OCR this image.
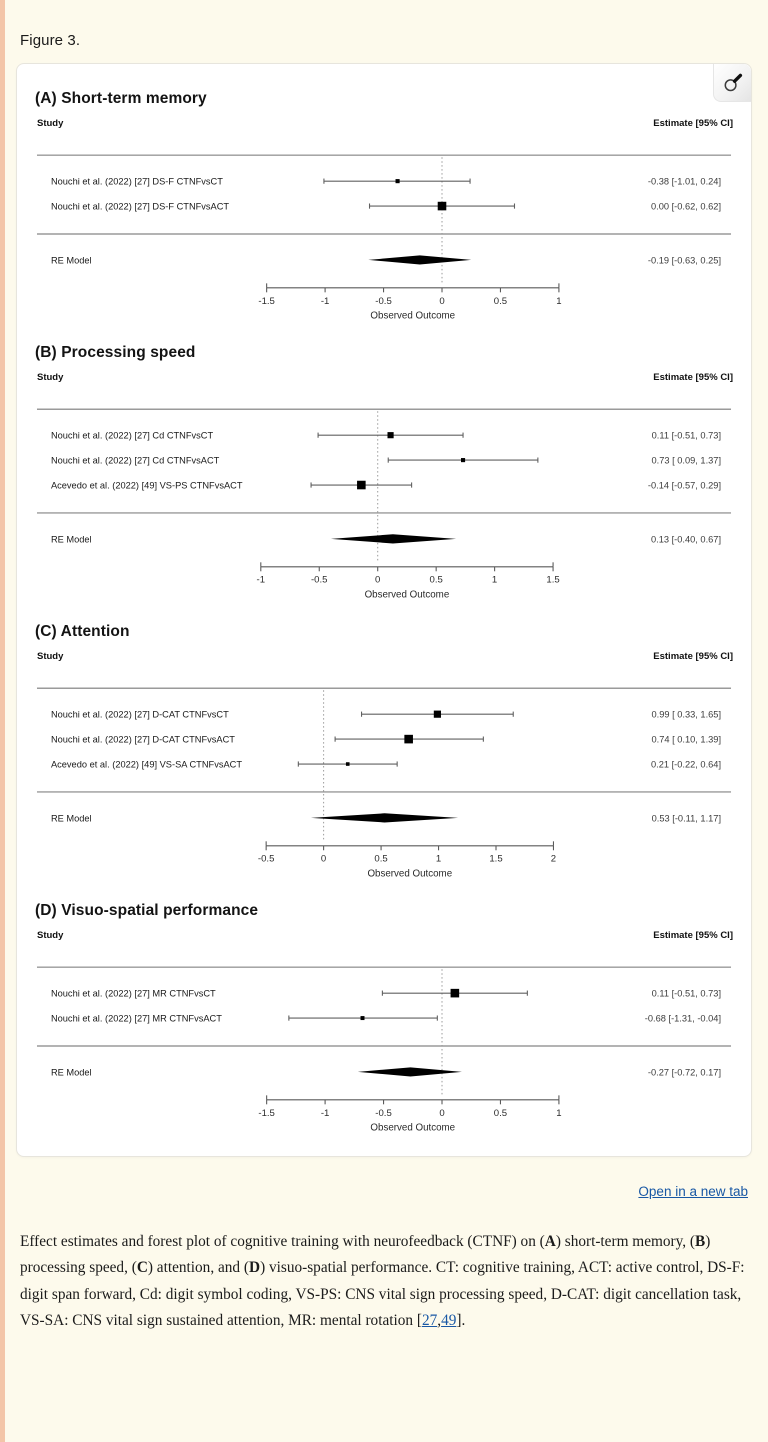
Figure 3.
(A) Short-term memory
Study	Estimate [95% CI]
Nouchi et al. (2022) [27] DS-F CTNFvsCT	-0.38 [-1.01, 0.24]
Nouchi et al. (2022) [27] DS-F CTNFvsACT	0.00 [-0.62, 0.62]
RE Model	-0.19 [-0.63, 0.25]
-1.5	-1	-0.5	0	0.5	1
Observed Outcome
(B) Processing speed
Study	Estimate [95% CI]
Nouchi et al. (2022) [27] Cd CTNFvsCT	0.11 [-0.51, 0.73]
Nouchi et al. (2022) [27] Cd CTNFvsACT	0.73 [ 0.09, 1.37]
Acevedo et al. (2022) [49] VS-PS CTNFvsACT	-0.14 [-0.57, 0.29]
RE Model	0.13 [-0.40, 0.67]
-1	-0.5	0	0.5	1	1.5
Observed Outcome
(C) Attention
Study	Estimate [95% CI]
Nouchi et al. (2022) [27] D-CAT CTNFvsCT	0.99 [ 0.33, 1.65]
Nouchi et al. (2022) [27] D-CAT CTNFvsACT	0.74 [ 0.10, 1.39]
Acevedo et al. (2022) [49] VS-SA CTNFvsACT	0.21 [-0.22, 0.64]
RE Model	0.53 [-0.11, 1.17]
-0.5	0	0.5	1	1.5	2
Observed Outcome
(D) Visuo-spatial performance
Study	Estimate [95% CI]
Nouchi et al. (2022) [27] MR CTNFvsCT	0.11 [-0.51, 0.73]
Nouchi et al. (2022) [27] MR CTNFvsACT	-0.68 [-1.31, -0.04]
RE Model	-0.27 [-0.72, 0.17]
-1.5	-1	-0.5	0	0.5	1
Observed Outcome
Open in a new tab
Effect estimates and forest plot of cognitive training with neurofeedback (CTNF) on (A) short-term memory, (B) processing speed, (C) attention, and (D) visuo-spatial performance. CT: cognitive training, ACT: active control, DS-F: digit span forward, Cd: digit symbol coding, VS-PS: CNS vital sign processing speed, D-CAT: digit cancellation task, VS-SA: CNS vital sign sustained attention, MR: mental rotation [27,49].
